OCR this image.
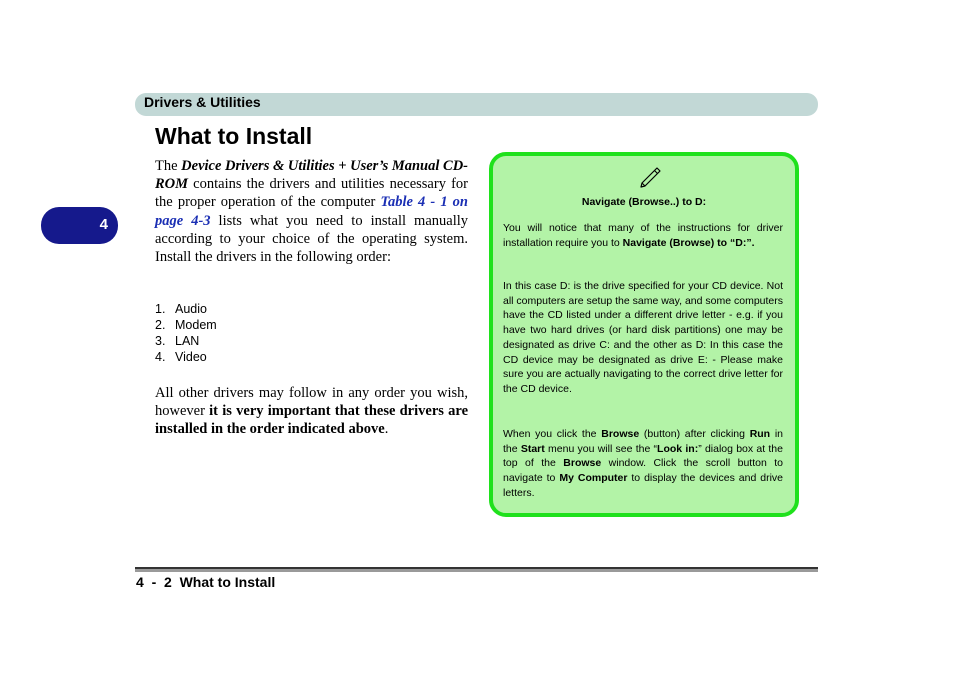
Drivers & Utilities
4
What to Install
The Device Drivers & Utilities + User’s Manual CD-ROM contains the drivers and utilities necessary for the proper operation of the computer Table 4 - 1 on page 4-3 lists what you need to install manually according to your choice of the operating system. Install the drivers in the following order:
1. Audio
2. Modem
3. LAN
4. Video
All other drivers may follow in any order you wish, however it is very important that these drivers are installed in the order indicated above.
Navigate (Browse..) to D:
You will notice that many of the instructions for driver installation require you to Navigate (Browse) to “D:”.
In this case D: is the drive specified for your CD device. Not all computers are setup the same way, and some computers have the CD listed under a different drive letter - e.g. if you have two hard drives (or hard disk partitions) one may be designated as drive C: and the other as D: In this case the CD device may be designated as drive E: - Please make sure you are actually navigating to the correct drive letter for the CD device.
When you click the Browse (button) after clicking Run in the Start menu you will see the “Look in:” dialog box at the top of the Browse window. Click the scroll button to navigate to My Computer to display the devices and drive letters.
4  -  2  What to Install
